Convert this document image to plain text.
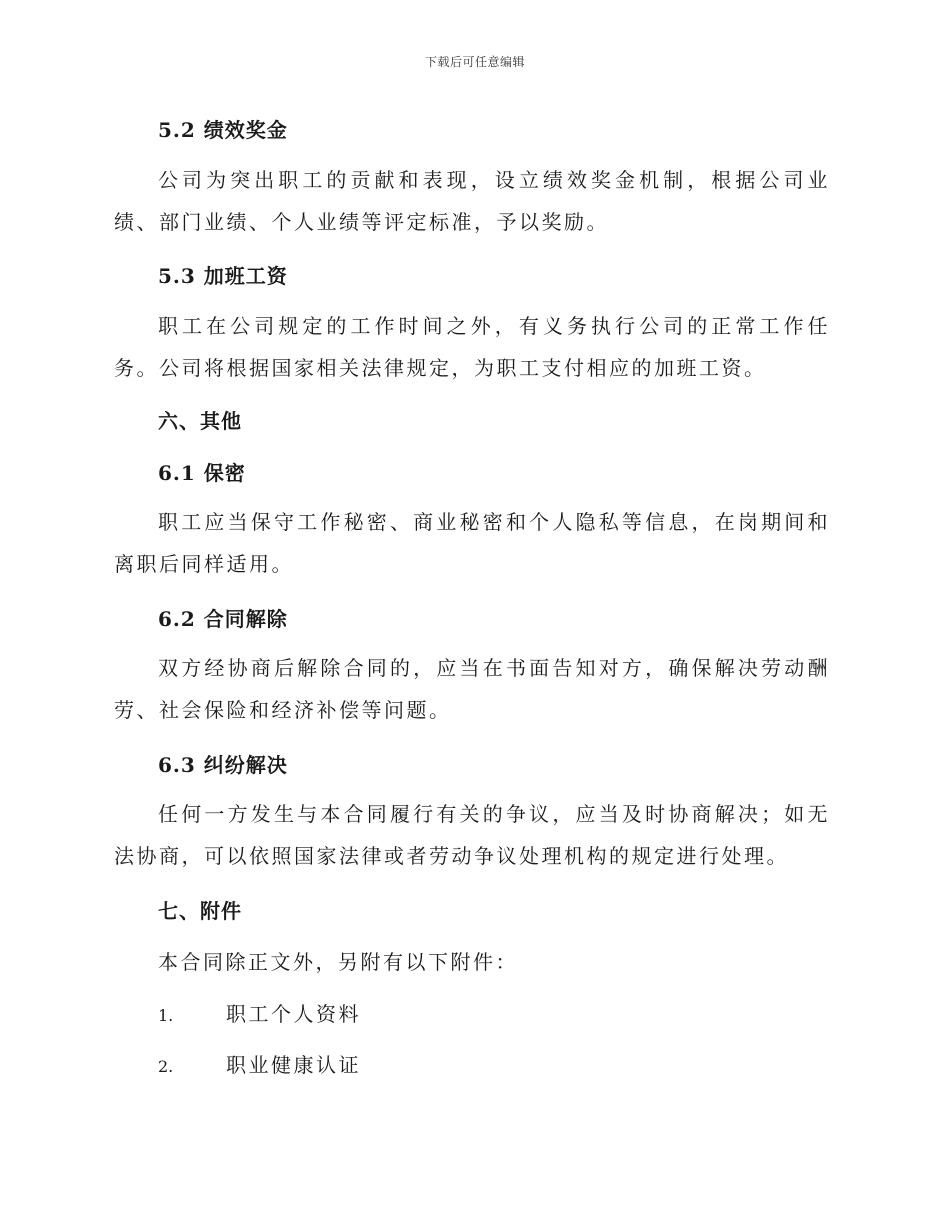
下载后可任意编辑
5.2 绩效奖金
公司为突出职工的贡献和表现，设立绩效奖金机制，根据公司业绩、部门业绩、个人业绩等评定标准，予以奖励。
5.3 加班工资
职工在公司规定的工作时间之外，有义务执行公司的正常工作任务。公司将根据国家相关法律规定，为职工支付相应的加班工资。
六、其他
6.1 保密
职工应当保守工作秘密、商业秘密和个人隐私等信息，在岗期间和离职后同样适用。
6.2 合同解除
双方经协商后解除合同的，应当在书面告知对方，确保解决劳动酬劳、社会保险和经济补偿等问题。
6.3 纠纷解决
任何一方发生与本合同履行有关的争议，应当及时协商解决；如无法协商，可以依照国家法律或者劳动争议处理机构的规定进行处理。
七、附件
本合同除正文外，另附有以下附件：
1.	职工个人资料
2.	职业健康认证
